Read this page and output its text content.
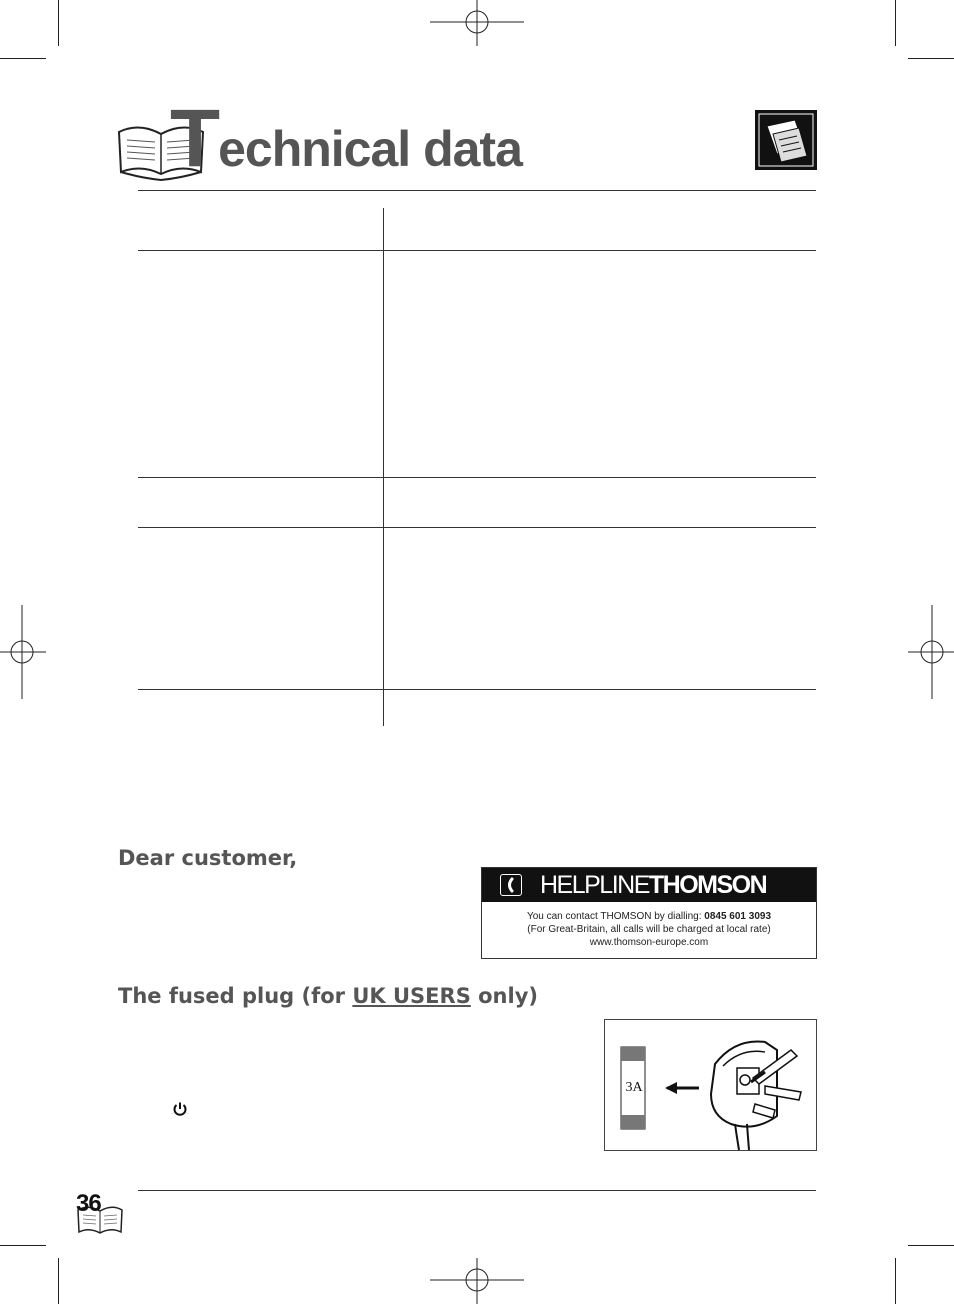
Technical data
Dear customer,
HELPLINETHOMSON
You can contact THOMSON by dialling: 0845 601 3093
(For Great-Britain, all calls will be charged at local rate)
www.thomson-europe.com
The fused plug (for UK USERS only)
3A
36
